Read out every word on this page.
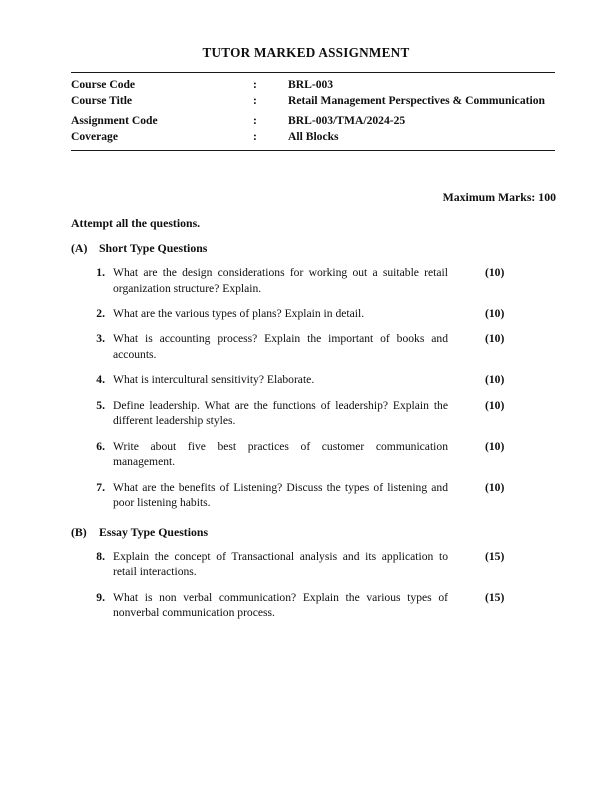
TUTOR MARKED ASSIGNMENT
Course Code	:	BRL-003
Course Title	:	Retail Management Perspectives & Communication

Assignment Code	:	BRL-003/TMA/2024-25
Coverage	:	All Blocks
Maximum Marks: 100
Attempt all the questions.
(A) Short Type Questions
1. What are the design considerations for working out a suitable retail organization structure? Explain.
(10)
2. What are the various types of plans? Explain in detail.	(10)
3. What is accounting process? Explain the important of books and accounts.
(10)
4. What is intercultural sensitivity? Elaborate.	(10)
5. Define leadership. What are the functions of leadership? Explain the different leadership styles.
(10)
6. Write about five best practices of customer communication management.
(10)
7. What are the benefits of Listening? Discuss the types of listening and poor listening habits.
(10)
(B)	Essay Type Questions
8. Explain the concept of Transactional analysis and its application to retail interactions.
(15)
9. What is non verbal communication? Explain the various types of nonverbal communication process.
(15)
